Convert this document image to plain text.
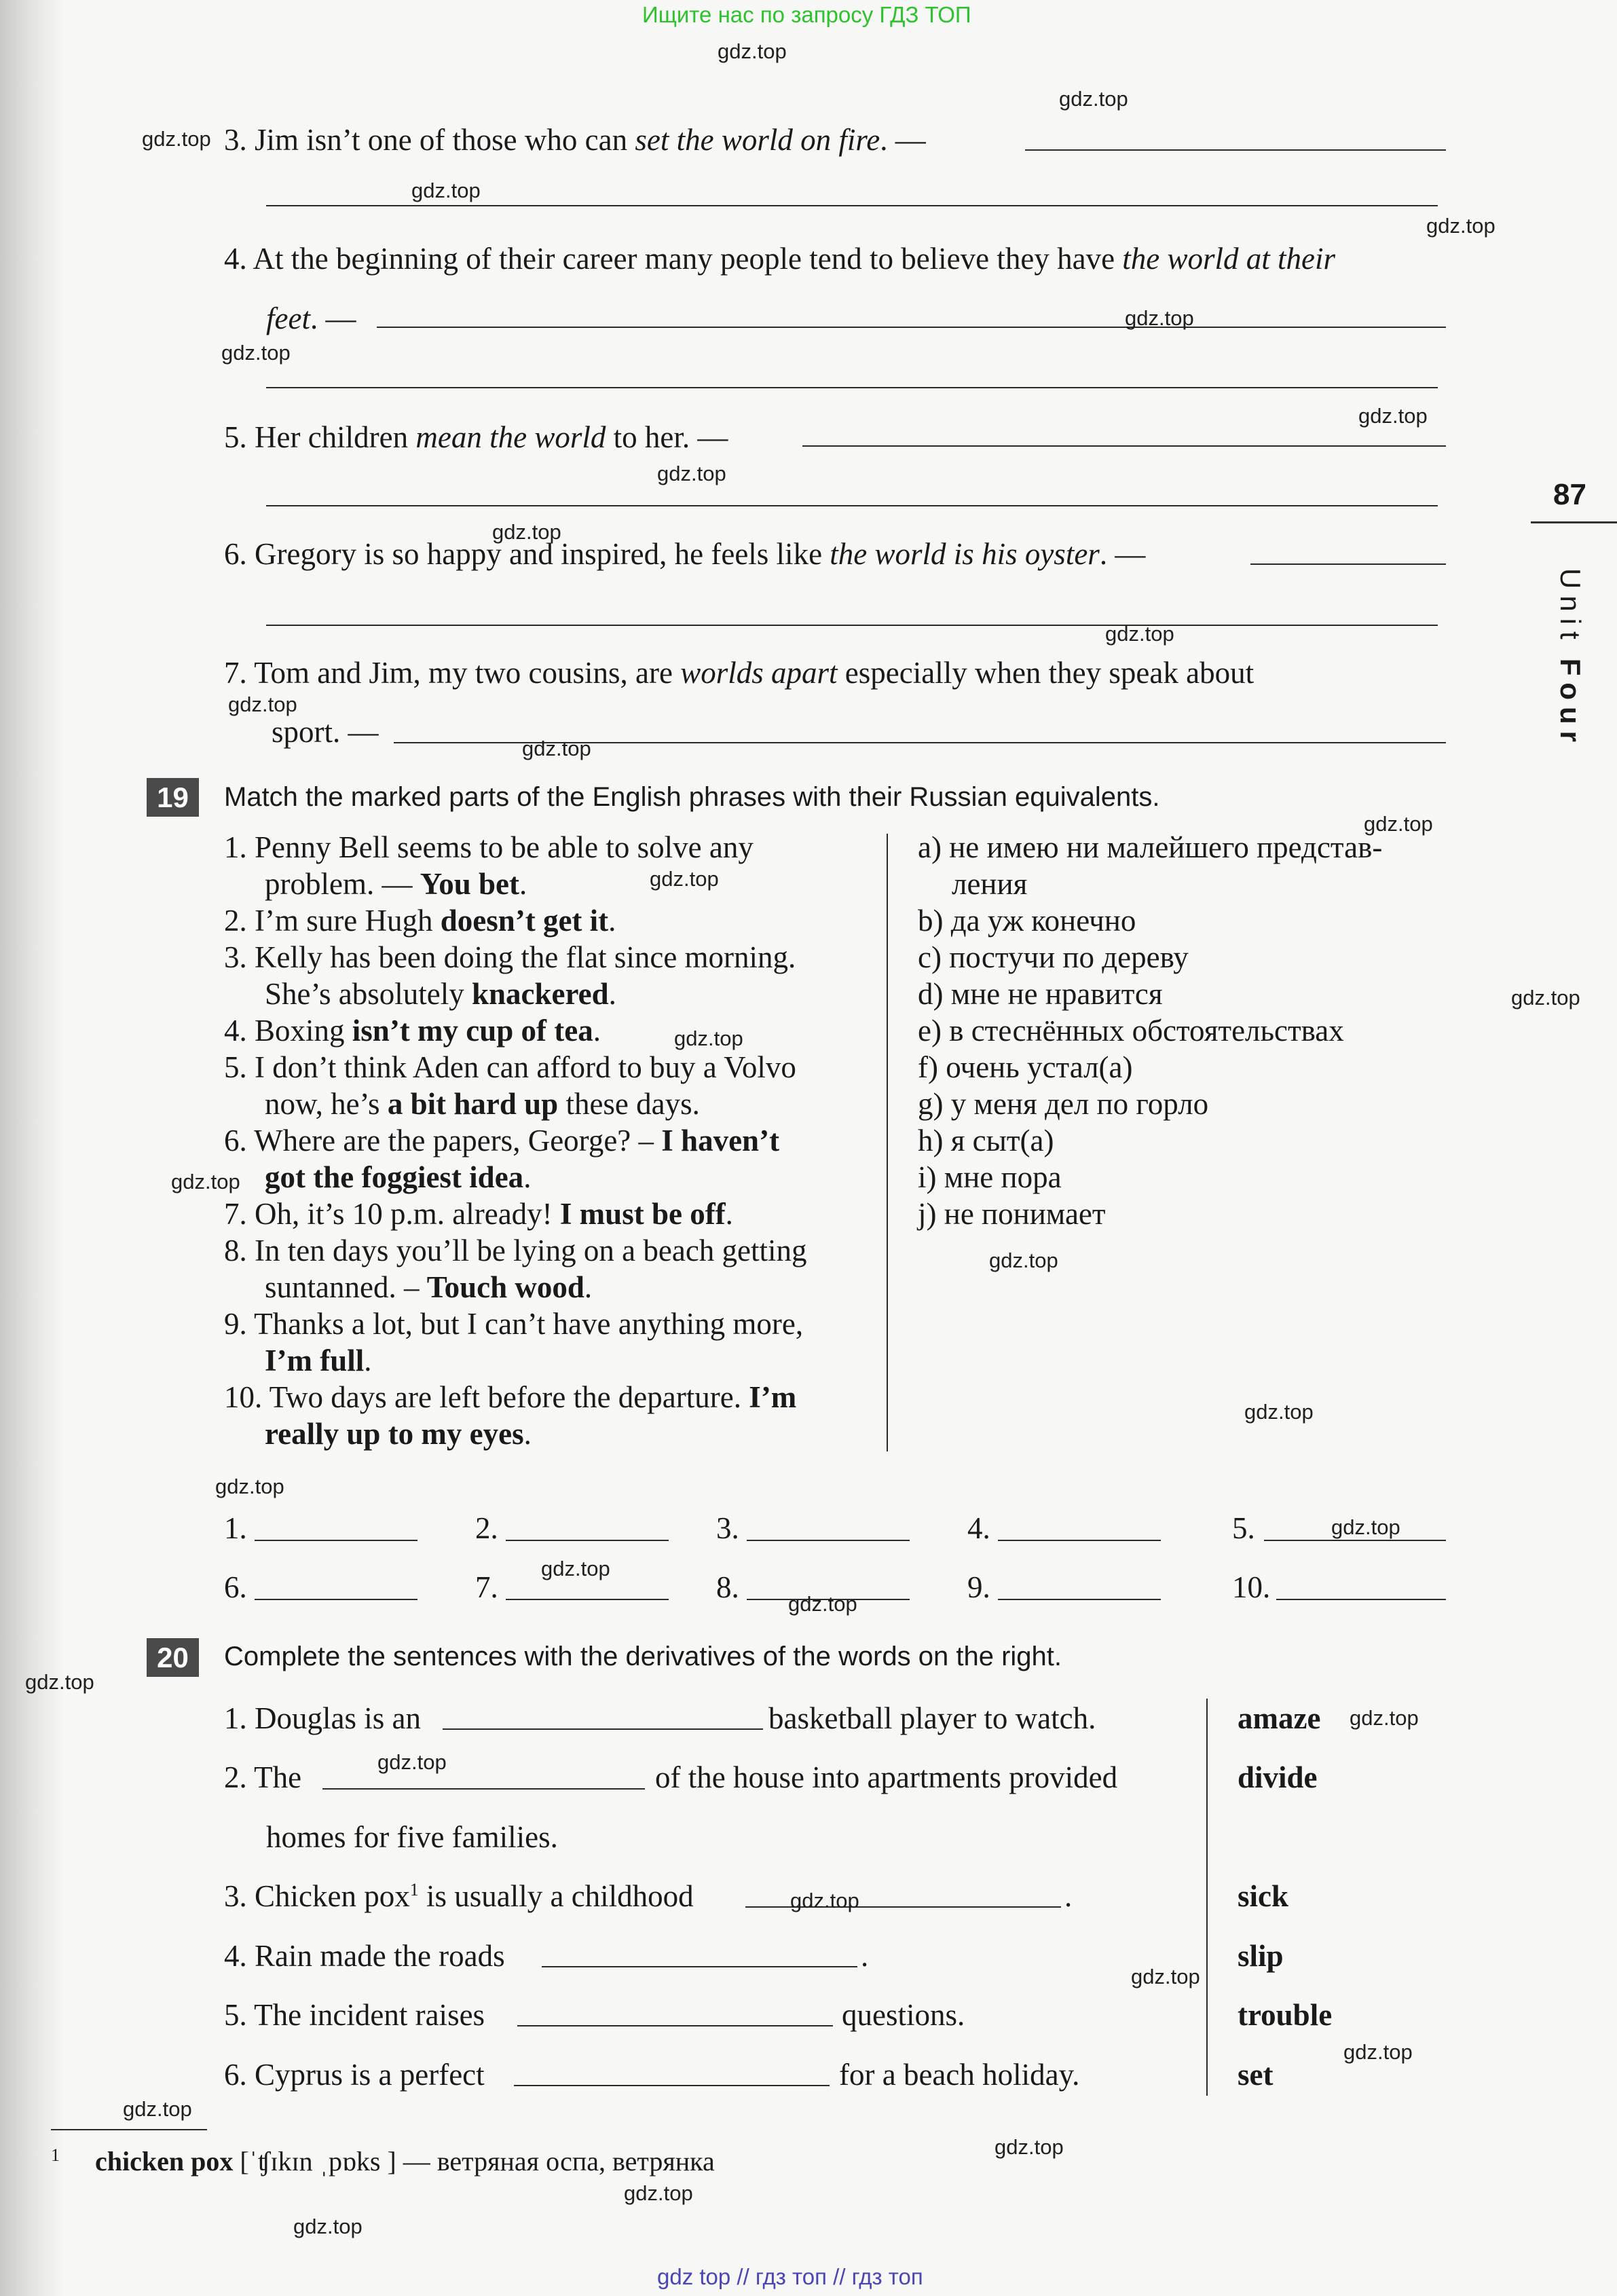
Ищите нас по запросу ГДЗ ТОП
gdz top // гдз топ // гдз топ
87
UnitFour
3. Jim isn’t one of those who can set the world on fire. —
4. At the beginning of their career many people tend to believe they have the world at their
feet. —
5. Her children mean the world to her. —
6. Gregory is so happy and inspired, he feels like the world is his oyster. —
7. Tom and Jim, my two cousins, are worlds apart especially when they speak about
sport. —
19	Match the marked parts of the English phrases with their Russian equivalents.
1. Penny Bell seems to be able to solve any
problem. — You bet.
2. I’m sure Hugh doesn’t get it.
3. Kelly has been doing the flat since morning.
She’s absolutely knackered.
4. Boxing isn’t my cup of tea.
5. I don’t think Aden can afford to buy a Volvo
now, he’s a bit hard up these days.
6. Where are the papers, George? – I haven’t
got the foggiest idea.
7. Oh, it’s 10 p.m. already! I must be off.
8. In ten days you’ll be lying on a beach getting
suntanned. – Touch wood.
9. Thanks a lot, but I can’t have anything more,
I’m full.
10. Two days are left before the departure. I’m
really up to my eyes.
a) не имею ни малейшего представ-
ления
b) да уж конечно
c) постучи по дереву
d) мне не нравится
e) в стеснённых обстоятельствах
f) очень устал(а)
g) у меня дел по горло
h) я сыт(а)
i) мне пора
j) не понимает
1.	2.	3.	4.	5.
6.	7.	8.	9.	10.
20	Complete the sentences with the derivatives of the words on the right.
1. Douglas is an	basketball player to watch.	amaze
2. The	of the house into apartments provided	divide
homes for five families.
3. Chicken pox$^1$ is usually a childhood	.	sick
4. Rain made the roads	.	slip
5. The incident raises	questions.	trouble
6. Cyprus is a perfect	for a beach holiday.	set
1 chicken pox [ˈʧɪkɪn ˌpɒks ] — ветряная оспа, ветрянка
gdz.top
gdz.top
gdz.top
gdz.top
gdz.top
gdz.top
gdz.top
gdz.top
gdz.top
gdz.top
gdz.top
gdz.top
gdz.top
gdz.top
gdz.top
gdz.top
gdz.top
gdz.top
gdz.top
gdz.top
gdz.top
gdz.top
gdz.top
gdz.top
gdz.top
gdz.top
gdz.top
gdz.top
gdz.top
gdz.top
gdz.top
gdz.top
gdz.top
gdz.top
